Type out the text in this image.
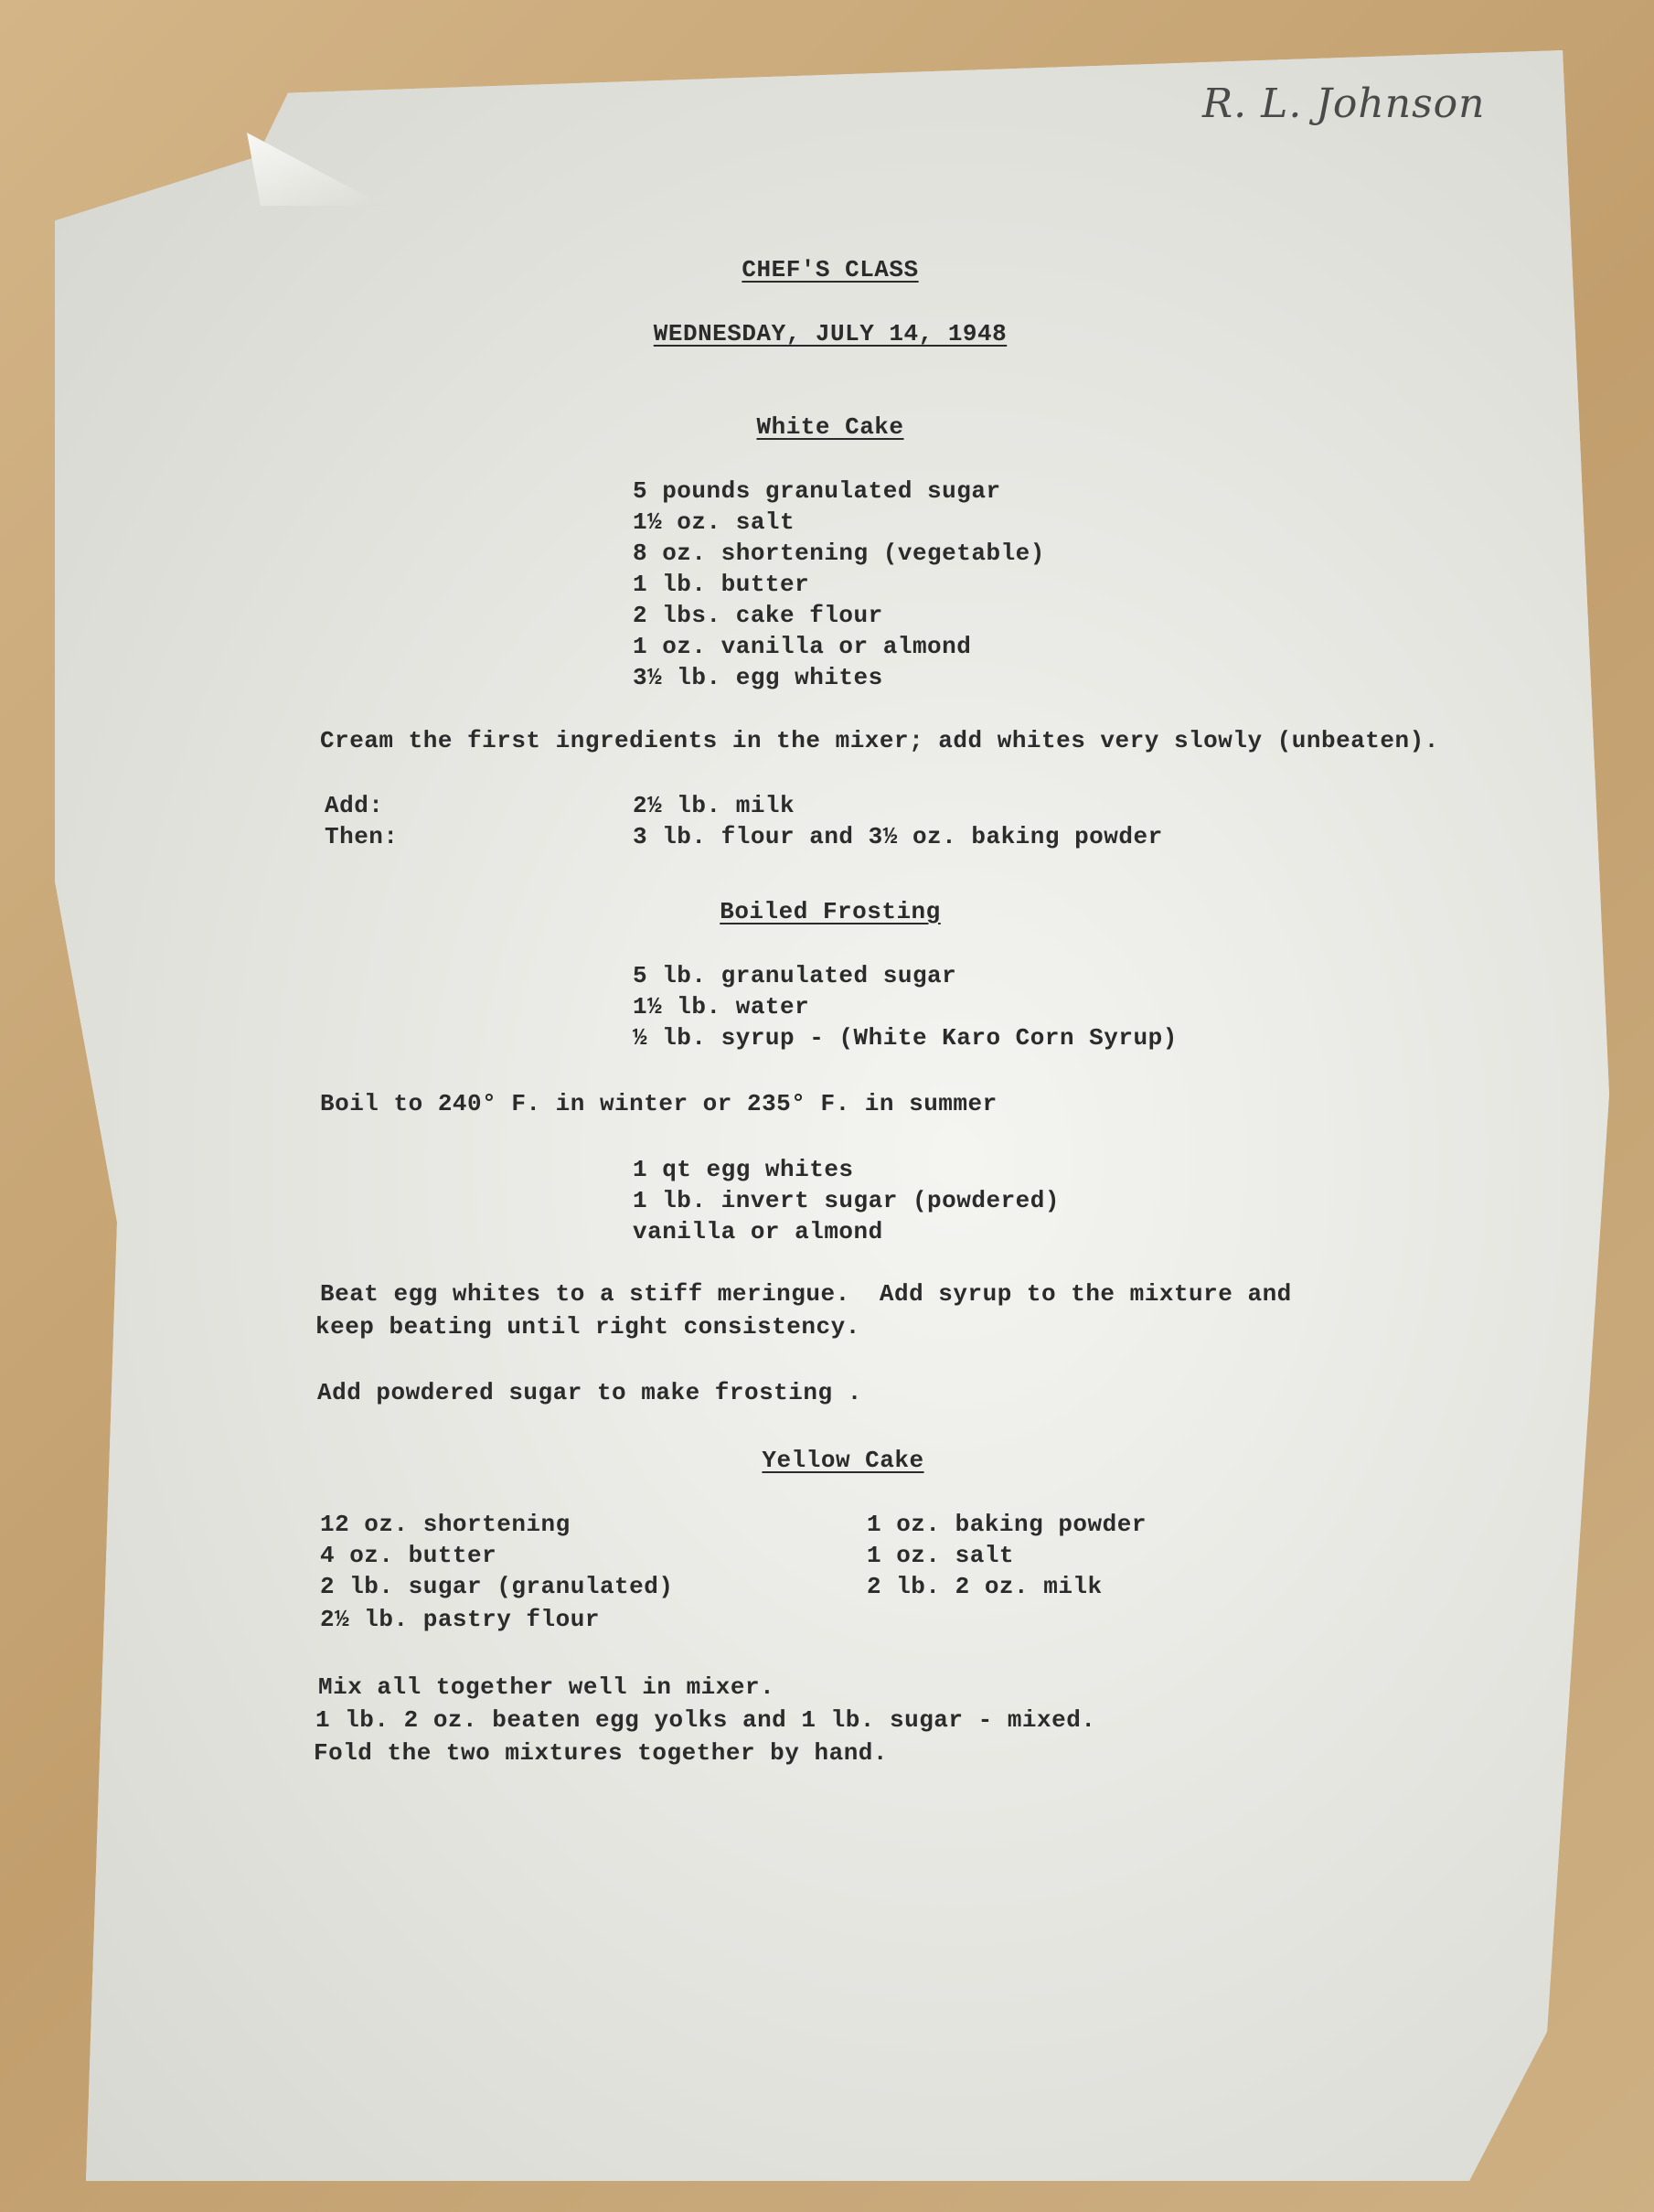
R. L. Johnson
CHEF'S CLASS
WEDNESDAY, JULY 14, 1948
White Cake
5 pounds granulated sugar
1½ oz. salt
8 oz. shortening (vegetable)
1 lb. butter
2 lbs. cake flour
1 oz. vanilla or almond
3½ lb. egg whites
Cream the first ingredients in the mixer; add whites very slowly (unbeaten).
Add:	2½ lb. milk
Then:	3 lb. flour and 3½ oz. baking powder
Boiled Frosting
5 lb. granulated sugar
1½ lb. water
½ lb. syrup - (White Karo Corn Syrup)
Boil to 240° F. in winter or 235° F. in summer
1 qt egg whites
1 lb. invert sugar (powdered)
vanilla or almond
Beat egg whites to a stiff meringue.  Add syrup to the mixture and
keep beating until right consistency.
Add powdered sugar to make frosting .
Yellow Cake
12 oz. shortening
4 oz. butter
2 lb. sugar (granulated)
2½ lb. pastry flour
1 oz. baking powder
1 oz. salt
2 lb. 2 oz. milk
Mix all together well in mixer.
1 lb. 2 oz. beaten egg yolks and 1 lb. sugar - mixed.
Fold the two mixtures together by hand.
